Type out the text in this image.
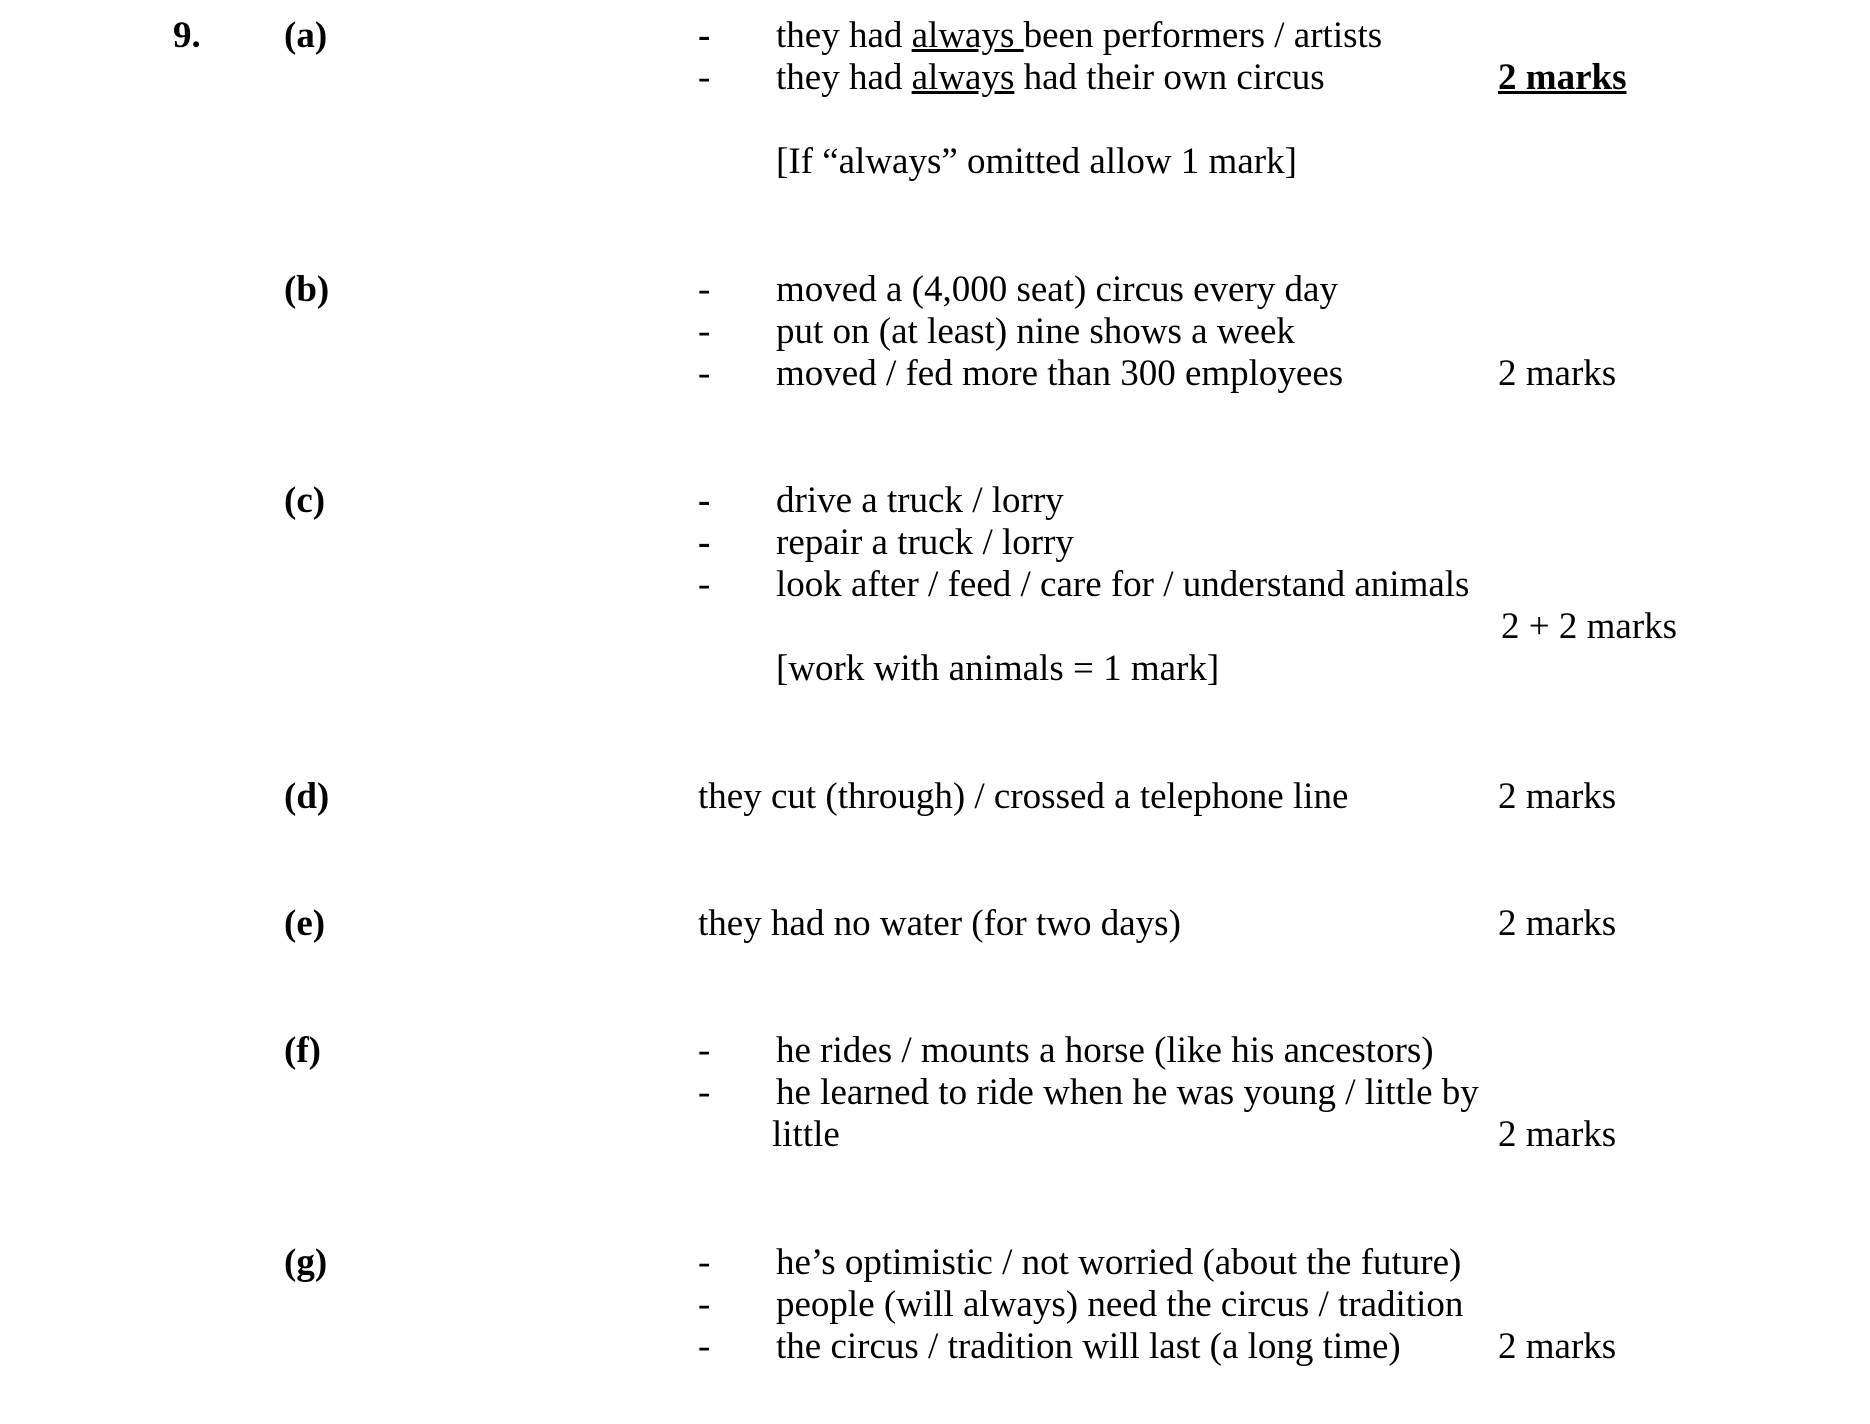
9. (a)	- they had always been performers / artists
- they had always had their own circus	2 marks
[If “always” omitted allow 1 mark]
(b)	- moved a (4,000 seat) circus every day
- put on (at least) nine shows a week
- moved / fed more than 300 employees	2 marks
(c)	- drive a truck / lorry
- repair a truck / lorry
- look after / feed / care for / understand animals
2 + 2 marks
[work with animals = 1 mark]
(d)	they cut (through) / crossed a telephone line	2 marks
(e)	they had no water (for two days)	2 marks
(f)	- he rides / mounts a horse (like his ancestors)
- he learned to ride when he was young / little by
little	2 marks
(g)	- he’s optimistic / not worried (about the future)
- people (will always) need the circus / tradition
- the circus / tradition will last (a long time)	2 marks
